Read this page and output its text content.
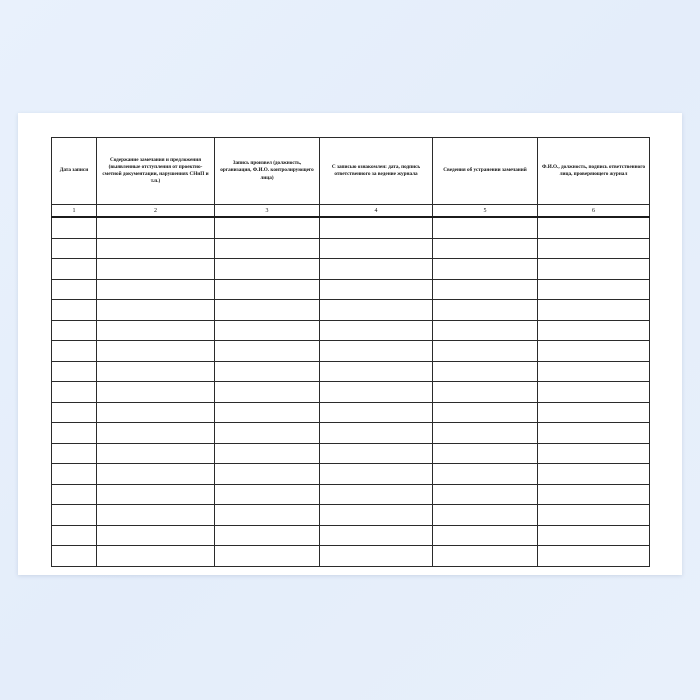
Дата записи	Содержание замечания и предложения (выявленные отступления от проектно-сметной документации, нарушениях СНиП и т.п.)	Запись произвел (должность, организация, Ф.И.О. контролирующего лица)	С записью ознакомлен: дата, подпись ответственного за ведение журнала	Сведения об устранении замечаний	Ф.И.О., должность, подпись ответственного лица, проверяющего журнал
1	2	3	4	5	6
